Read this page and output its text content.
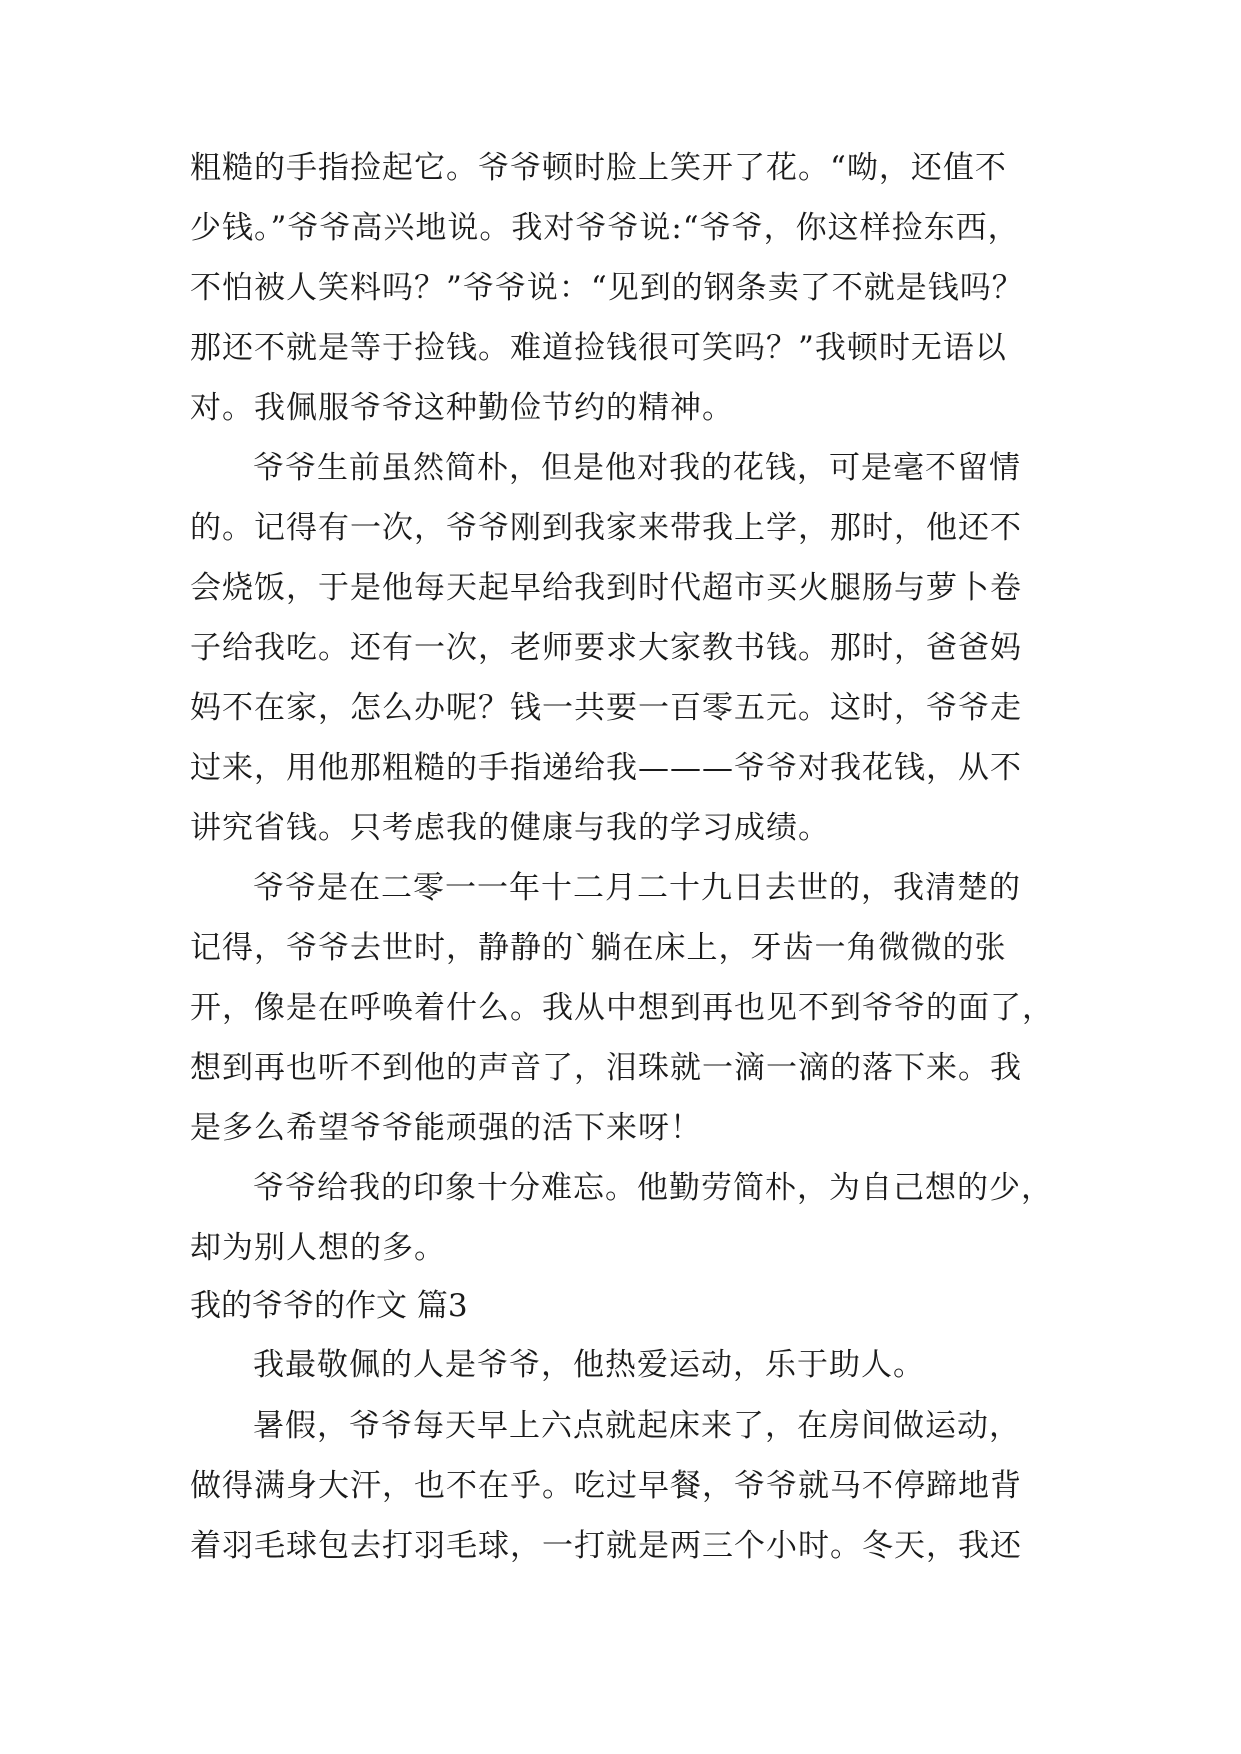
粗糙的手指捡起它。爷爷顿时脸上笑开了花。“呦，还值不
少钱。”爷爷高兴地说。我对爷爷说:“爷爷，你这样捡东西，
不怕被人笑料吗？”爷爷说：“见到的钢条卖了不就是钱吗？
那还不就是等于捡钱。难道捡钱很可笑吗？”我顿时无语以
对。我佩服爷爷这种勤俭节约的精神。
爷爷生前虽然简朴，但是他对我的花钱，可是毫不留情
的。记得有一次，爷爷刚到我家来带我上学，那时，他还不
会烧饭，于是他每天起早给我到时代超市买火腿肠与萝卜卷
子给我吃。还有一次，老师要求大家教书钱。那时，爸爸妈
妈不在家，怎么办呢？钱一共要一百零五元。这时，爷爷走
过来，用他那粗糙的手指递给我———爷爷对我花钱，从不
讲究省钱。只考虑我的健康与我的学习成绩。
爷爷是在二零一一年十二月二十九日去世的，我清楚的
记得，爷爷去世时，静静的`躺在床上，牙齿一角微微的张
开，像是在呼唤着什么。我从中想到再也见不到爷爷的面了，
想到再也听不到他的声音了，泪珠就一滴一滴的落下来。我
是多么希望爷爷能顽强的活下来呀！
爷爷给我的印象十分难忘。他勤劳简朴，为自己想的少，
却为别人想的多。
我的爷爷的作文 篇3
我最敬佩的人是爷爷，他热爱运动，乐于助人。
暑假，爷爷每天早上六点就起床来了，在房间做运动，
做得满身大汗，也不在乎。吃过早餐，爷爷就马不停蹄地背
着羽毛球包去打羽毛球，一打就是两三个小时。冬天，我还
